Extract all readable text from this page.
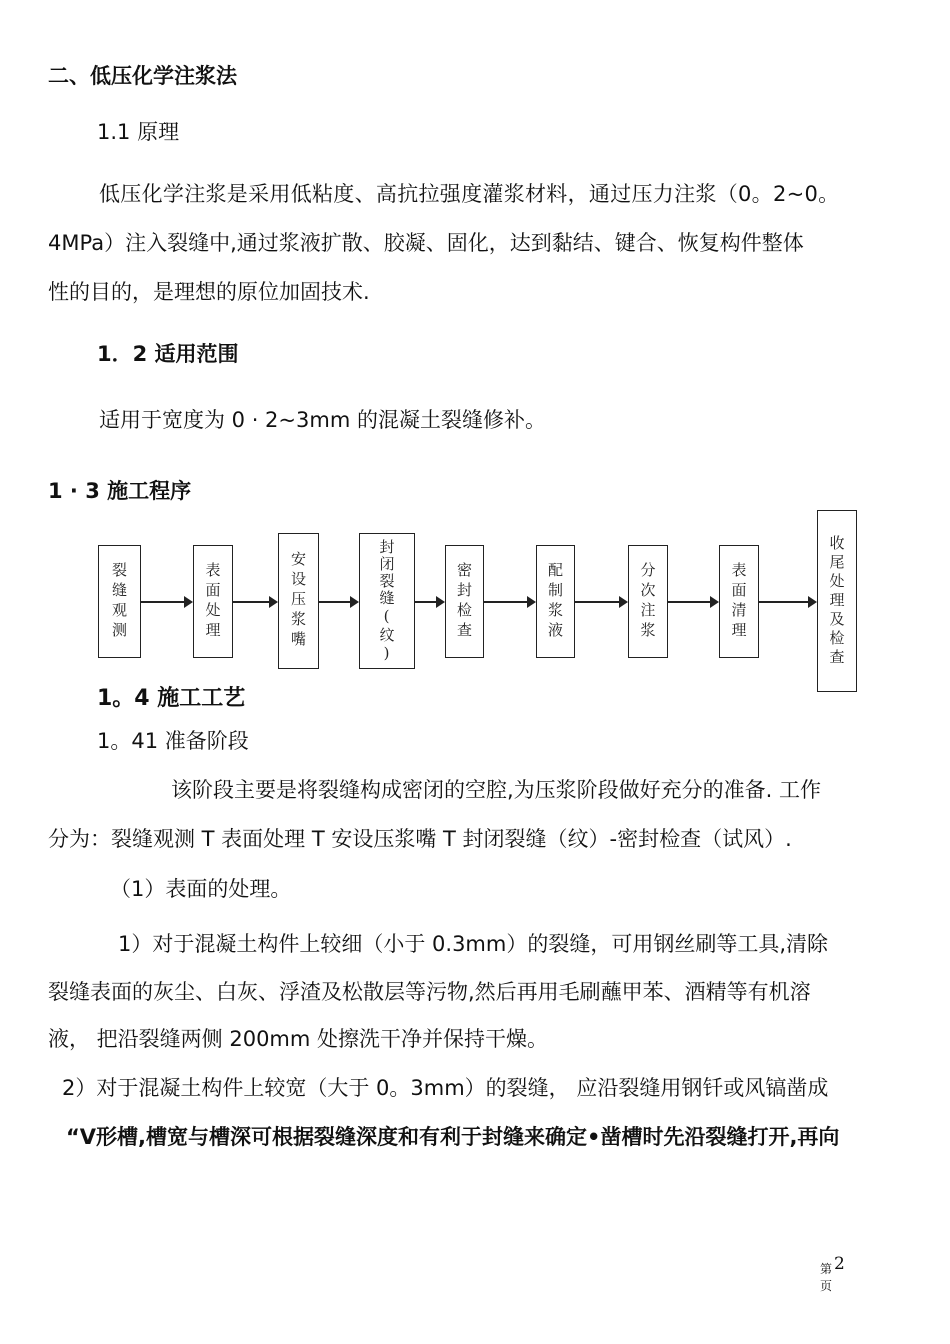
二、低压化学注浆法
1.1 原理
低压化学注浆是采用低粘度、高抗拉强度灌浆材料，通过压力注浆（0。2~0。
4MPa）注入裂缝中,通过浆液扩散、胶凝、固化，达到黏结、键合、恢复构件整体
性的目的，是理想的原位加固技术.
1．2 适用范围
适用于宽度为 0 · 2~3mm 的混凝土裂缝修补。
1 · 3 施工程序
裂缝观测	表面处理	安设压浆嘴	封闭裂缝(纹)	密封检查	配制浆液	分次注浆	表面清理	收尾处理及检查
1。4 施工工艺
1。41 准备阶段
该阶段主要是将裂缝构成密闭的空腔,为压浆阶段做好充分的准备. 工作
分为：裂缝观测 T 表面处理 T 安设压浆嘴 T 封闭裂缝（纹）-密封检查（试风）.
（1）表面的处理。
1）对于混凝土构件上较细（小于 0.3mm）的裂缝，可用钢丝刷等工具,清除
裂缝表面的灰尘、白灰、浮渣及松散层等污物,然后再用毛刷蘸甲苯、酒精等有机溶
液， 把沿裂缝两侧 200mm 处擦洗干净并保持干燥。
2）对于混凝土构件上较宽（大于 0。3mm）的裂缝， 应沿裂缝用钢钎或风镐凿成
“V形槽,槽宽与槽深可根据裂缝深度和有利于封缝来确定•凿槽时先沿裂缝打开,再向
第 2
页
